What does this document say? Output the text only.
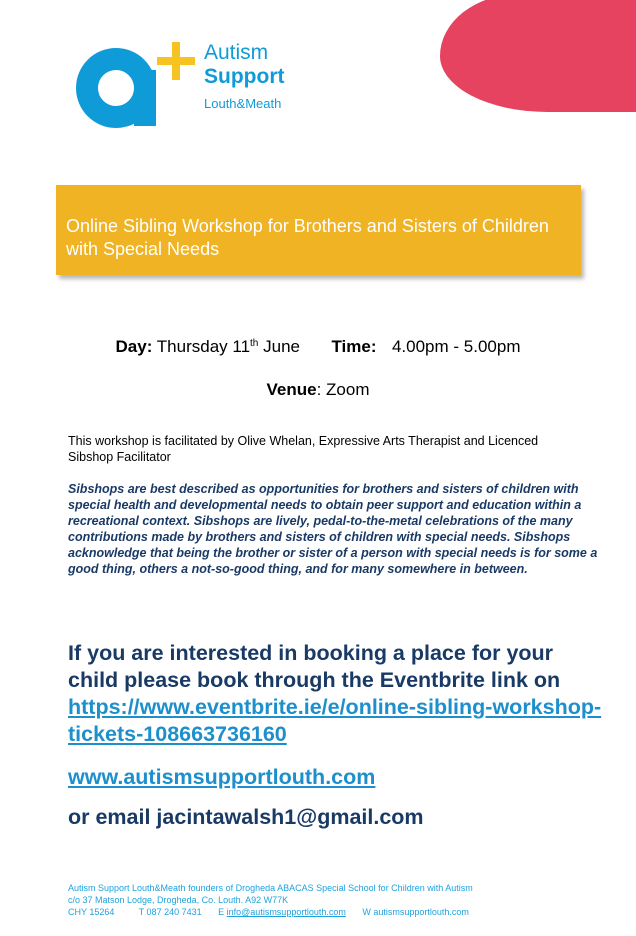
Autism
Support
Louth&Meath
Online Sibling Workshop for Brothers and Sisters of Children with Special Needs
Day: Thursday 11th June Time: 4.00pm - 5.00pm
Venue: Zoom
This workshop is facilitated by Olive Whelan, Expressive Arts Therapist and Licenced Sibshop Facilitator
Sibshops are best described as opportunities for brothers and sisters of children with special health and developmental needs to obtain peer support and education within a recreational context. Sibshops are lively, pedal-to-the-metal celebrations of the many contributions made by brothers and sisters of children with special needs. Sibshops acknowledge that being the brother or sister of a person with special needs is for some a good thing, others a not-so-good thing, and for many somewhere in between.
If you are interested in booking a place for your child please book through the Eventbrite link on https://www.eventbrite.ie/e/online-sibling-workshop-tickets-108663736160
www.autismsupportlouth.com
or email jacintawalsh1@gmail.com
Autism Support Louth&Meath founders of Drogheda ABACAS Special School for Children with Autism
c/o 37 Matson Lodge, Drogheda, Co. Louth. A92 W77K
CHY 15264	T 087 240 7431 E info@autismsupportlouth.com W autismsupportlouth.com
